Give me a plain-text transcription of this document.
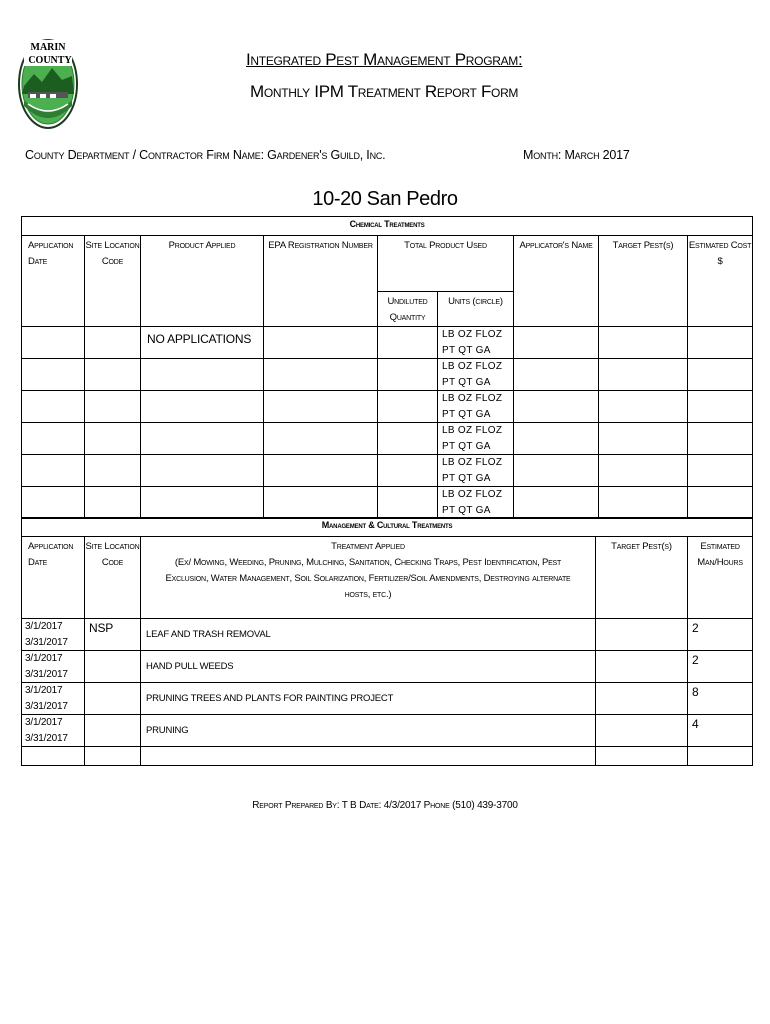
MARIN
COUNTY	Integrated Pest Management Program:
Monthly IPM Treatment Report Form
County Department / Contractor Firm Name: Gardener's Guild, Inc.	Month: March 2017
10-20 San Pedro
Chemical Treatments								
Application Date	Site Location Code	Product Applied	EPA Registration Number	Total Product Used		Applicator's Name	Target Pest(s)	Estimated Cost $
				Undiluted Quantity	Units (circle)			
		NO APPLICATIONS			LB OZ FLOZ
PT QT GA			

					LB OZ FLOZ
PT QT GA			

					LB OZ FLOZ
PT QT GA			

					LB OZ FLOZ
PT QT GA			

					LB OZ FLOZ
PT QT GA			

					LB OZ FLOZ
PT QT GA			

Management & Cultural Treatments				
Application Date	Site Location Code	Treatment Applied
(Ex/ Mowing, Weeding, Pruning, Mulching, Sanitation, Checking Traps, Pest Identification, Pest Exclusion, Water Management, Soil Solarization, Fertilizer/Soil Amendments, Destroying alternate hosts, etc.)	Target Pest(s)	Estimated Man/Hours

3/1/2017
3/31/2017	NSP	LEAF AND TRASH REMOVAL		2

3/1/2017
3/31/2017		HAND PULL WEEDS		2

3/1/2017
3/31/2017		PRUNING TREES AND PLANTS FOR PAINTING PROJECT		8

3/1/2017
3/31/2017		PRUNING		4

Report Prepared By: T B Date: 4/3/2017 Phone (510) 439-3700
